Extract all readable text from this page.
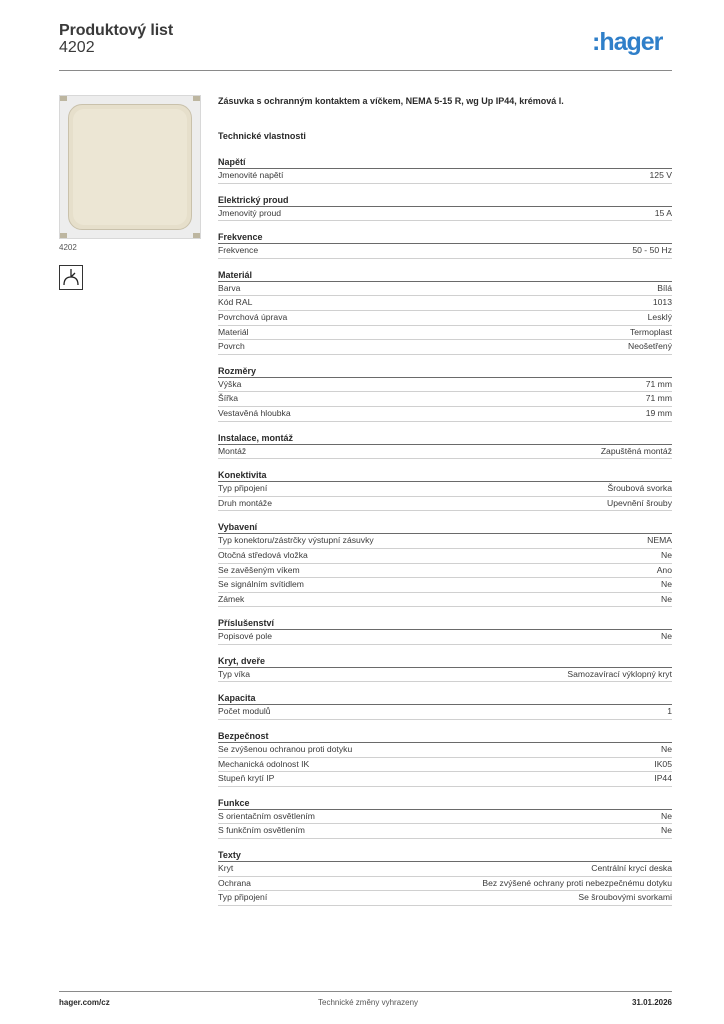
Produktový list
4202	:hager
4202
Zásuvka s ochranným kontaktem a víčkem, NEMA 5-15 R, wg Up IP44, krémová l.
Technické vlastnosti
Napětí
Jmenovité napětí	125 V
Elektrický proud
Jmenovitý proud	15 A
Frekvence
Frekvence	50 - 50 Hz
Materiál
Barva	Bílá
Kód RAL	1013
Povrchová úprava	Lesklý
Materiál	Termoplast
Povrch	Neošetřený
Rozměry
Výška	71 mm
Šířka	71 mm
Vestavěná hloubka	19 mm
Instalace, montáž
Montáž	Zapuštěná montáž
Konektivita
Typ připojení	Šroubová svorka
Druh montáže	Upevnění šrouby
Vybavení
Typ konektoru/zástrčky výstupní zásuvky	NEMA
Otočná středová vložka	Ne
Se zavěšeným víkem	Ano
Se signálním svítidlem	Ne
Zámek	Ne
Příslušenství
Popisové pole	Ne
Kryt, dveře
Typ víka	Samozavírací výklopný kryt
Kapacita
Počet modulů	1
Bezpečnost
Se zvýšenou ochranou proti dotyku	Ne
Mechanická odolnost IK	IK05
Stupeň krytí IP	IP44
Funkce
S orientačním osvětlením	Ne
S funkčním osvětlením	Ne
Texty
Kryt	Centrální krycí deska
Ochrana	Bez zvýšené ochrany proti nebezpečnému dotyku
Typ připojení	Se šroubovými svorkami
hager.com/cz	Technické změny vyhrazeny	31.01.2026
